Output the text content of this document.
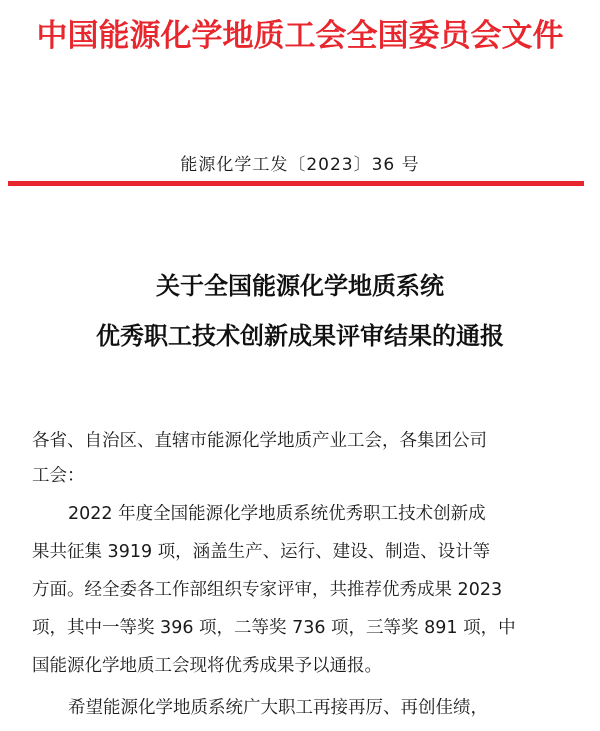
中国能源化学地质工会全国委员会文件
能源化学工发〔2023〕36 号
关于全国能源化学地质系统
优秀职工技术创新成果评审结果的通报
各省、自治区、直辖市能源化学地质产业工会，各集团公司
工会：
2022 年度全国能源化学地质系统优秀职工技术创新成
果共征集 3919 项，涵盖生产、运行、建设、制造、设计等
方面。经全委各工作部组织专家评审，共推荐优秀成果 2023
项，其中一等奖 396 项，二等奖 736 项，三等奖 891 项，中
国能源化学地质工会现将优秀成果予以通报。
希望能源化学地质系统广大职工再接再厉、再创佳绩，
